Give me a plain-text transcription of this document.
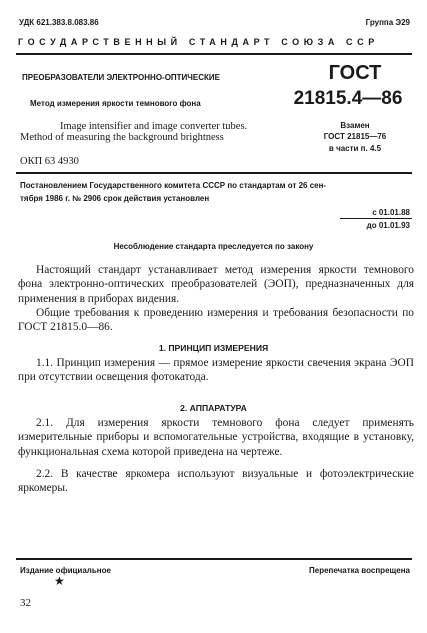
УДК 621.383.8.083.86	Группа Э29
ГОСУДАРСТВЕННЫЙ СТАНДАРТ СОЮЗА ССР
ПРЕОБРАЗОВАТЕЛИ ЭЛЕКТРОННО-ОПТИЧЕСКИЕ
Метод измерения яркости темнового фона
Image intensifier and image converter tubes.
Method of measuring the background brightness
ГОСТ
21815.4—86
Взамен
ГОСТ 21815—76
в части п. 4.5
ОКП 63 4930
Постановлением Государственного комитета СССР по стандартам от 26 сен-
тября 1986 г. № 2906 срок действия установлен
с 01.01.88
до 01.01.93
Несоблюдение стандарта преследуется по закону
Настоящий стандарт устанавливает метод измерения яркости темнового фона электронно-оптических преобразователей (ЭОП), предназначенных для применения в приборах видения.
Общие требования к проведению измерения и требования безопасности по ГОСТ 21815.0—86.
1. ПРИНЦИП ИЗМЕРЕНИЯ
1.1. Принцип измерения — прямое измерение яркости свечения экрана ЭОП при отсутствии освещения фотокатода.
2. АППАРАТУРА
2.1. Для измерения яркости темнового фона следует применять измерительные приборы и вспомогательные устройства, входящие в установку, функциональная схема которой приведена на чертеже.
2.2. В качестве яркомера используют визуальные и фотоэлектрические яркомеры.
Издание официальное	Перепечатка воспрещена
★
32
